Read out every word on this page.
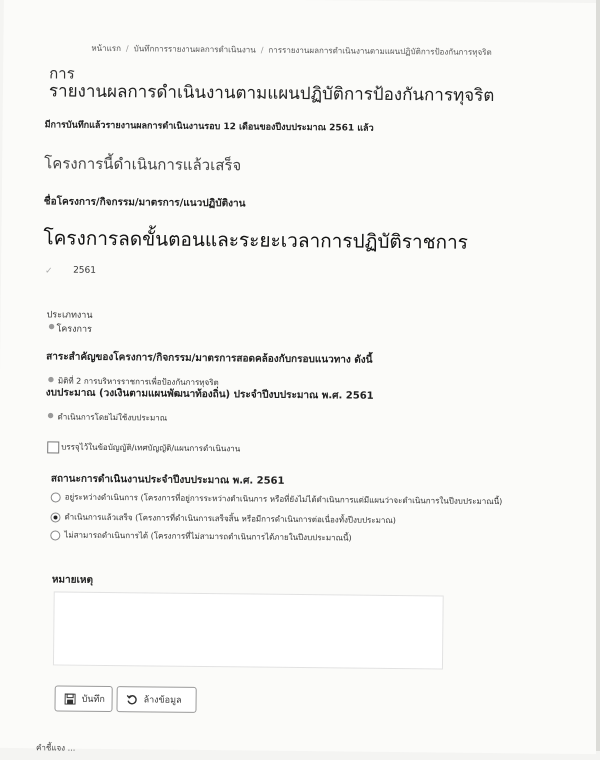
หน้าแรก / บันทึกการรายงานผลการดำเนินงาน / การรายงานผลการดำเนินงานตามแผนปฏิบัติการป้องกันการทุจริต
การ
รายงานผลการดำเนินงานตามแผนปฏิบัติการป้องกันการทุจริต
มีการบันทึกแล้วรายงานผลการดำเนินงานรอบ 12 เดือนของปีงบประมาณ 2561 แล้ว
โครงการนี้ดำเนินการแล้วเสร็จ
ชื่อโครงการ/กิจกรรม/มาตรการ/แนวปฏิบัติงาน
โครงการลดขั้นตอนและระยะเวลาการปฏิบัติราชการ
✓ 2561
ประเภทงาน
● โครงการ
สาระสำคัญของโครงการ/กิจกรรม/มาตรการสอดคล้องกับกรอบแนวทาง ดังนี้
● มิติที่ 2 การบริหารราชการเพื่อป้องกันการทุจริต
งบประมาณ (วงเงินตามแผนพัฒนาท้องถิ่น) ประจำปีงบประมาณ พ.ศ. 2561
● ดำเนินการโดยไม่ใช้งบประมาณ
บรรจุไว้ในข้อบัญญัติ/เทศบัญญัติ/แผนการดำเนินงาน
สถานะการดำเนินงานประจำปีงบประมาณ พ.ศ. 2561
อยู่ระหว่างดำเนินการ (โครงการที่อยู่การระหว่างดำเนินการ หรือที่ยังไม่ได้ดำเนินการแต่มีแผนว่าจะดำเนินการในปีงบประมาณนี้)
ดำเนินการแล้วเสร็จ (โครงการที่ดำเนินการเสร็จสิ้น หรือมีการดำเนินการต่อเนื่องทั้งปีงบประมาณ)
ไม่สามารถดำเนินการได้ (โครงการที่ไม่สามารถดำเนินการได้ภายในปีงบประมาณนี้)
หมายเหตุ
บันทึก	ล้างข้อมูล
คำชี้แจง ...
